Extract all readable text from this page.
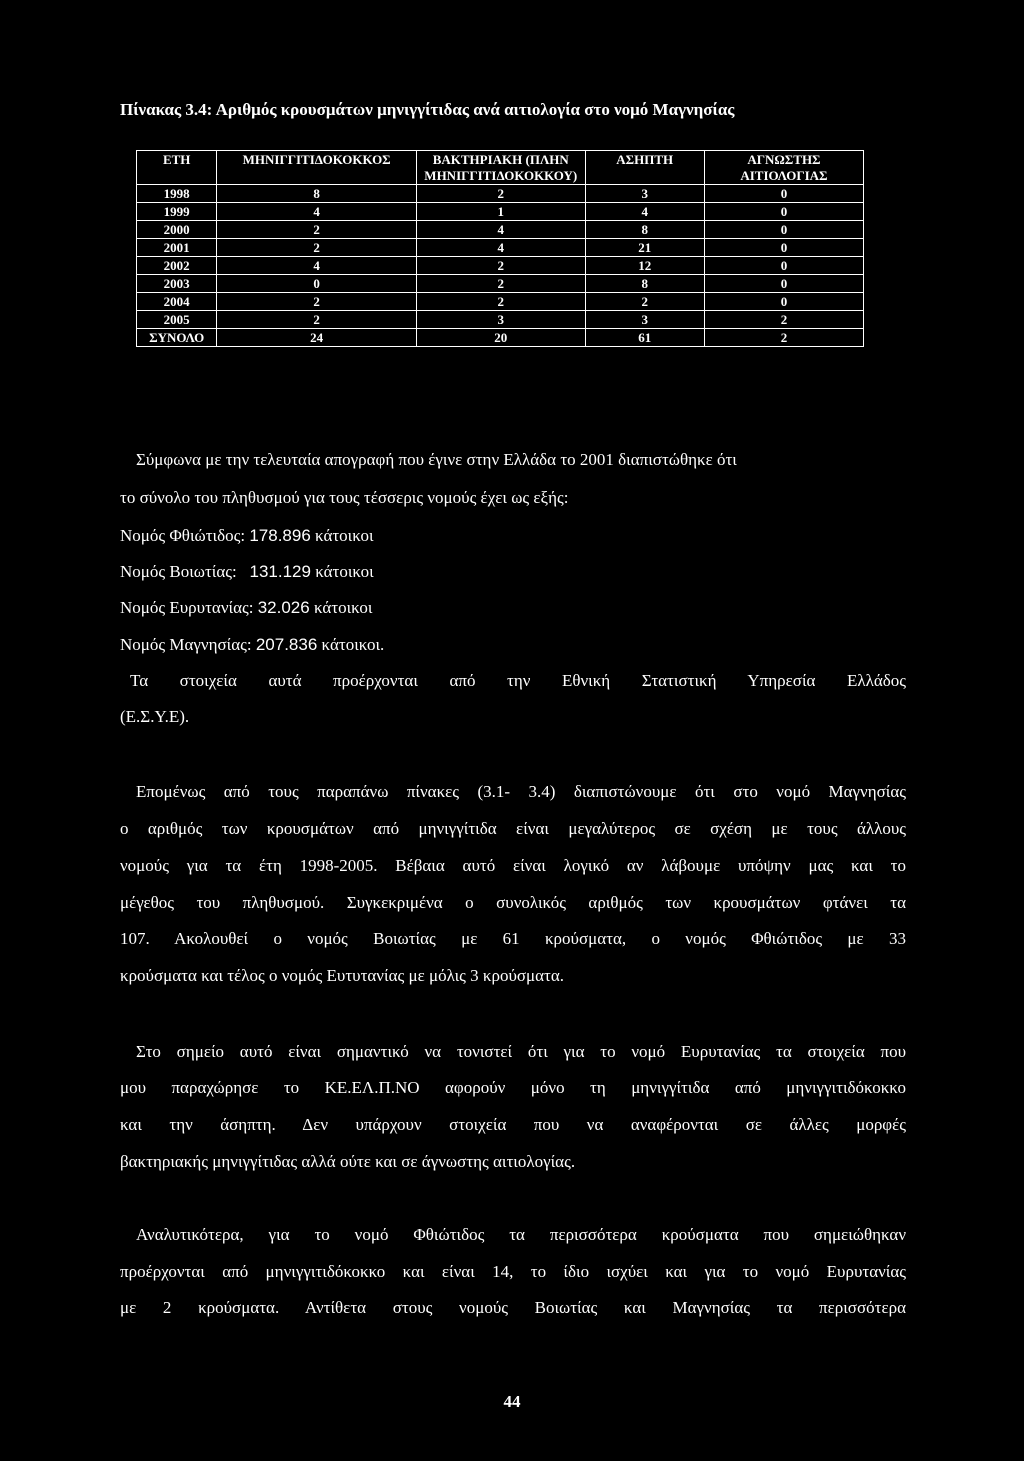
Πίνακας 3.4: Αριθμός κρουσμάτων μηνιγγίτιδας ανά αιτιολογία στο νομό Μαγνησίας
ΕΤΗ	ΜΗΝΙΓΓΙΤΙΔΟΚΟΚΚΟΣ	ΒΑΚΤΗΡΙΑΚΗ (ΠΛΗΝ ΜΗΝΙΓΓΙΤΙΔΟΚΟΚΚΟΥ)	ΑΣΗΠΤΗ	ΑΓΝΩΣΤΗΣ ΑΙΤΙΟΛΟΓΙΑΣ
1998	8	2	3	0
1999	4	1	4	0
2000	2	4	8	0
2001	2	4	21	0
2002	4	2	12	0
2003	0	2	8	0
2004	2	2	2	0
2005	2	3	3	2
ΣΥΝΟΛΟ	24	20	61	2
Σύμφωνα με την τελευταία απογραφή που έγινε στην Ελλάδα το 2001 διαπιστώθηκε ότι
το σύνολο του πληθυσμού για τους τέσσερις νομούς έχει ως εξής:
Νομός Φθιώτιδος: 178.896 κάτοικοι
Νομός Βοιωτίας:   131.129 κάτοικοι
Νομός Ευρυτανίας: 32.026 κάτοικοι
Νομός Μαγνησίας: 207.836 κάτοικοι.
Τα στοιχεία αυτά προέρχονται από την Εθνική Στατιστική Υπηρεσία Ελλάδος
(Ε.Σ.Υ.Ε).
Επομένως από τους παραπάνω πίνακες (3.1- 3.4) διαπιστώνουμε ότι στο νομό Μαγνησίας
ο αριθμός των κρουσμάτων από μηνιγγίτιδα είναι μεγαλύτερος σε σχέση με τους άλλους
νομούς για τα έτη 1998-2005. Βέβαια αυτό είναι λογικό αν λάβουμε υπόψην μας και το
μέγεθος του πληθυσμού. Συγκεκριμένα ο συνολικός αριθμός των κρουσμάτων φτάνει τα
107. Ακολουθεί ο νομός Βοιωτίας με 61 κρούσματα, ο νομός Φθιώτιδος με 33
κρούσματα και τέλος ο νομός Ευτυτανίας με μόλις 3 κρούσματα.
Στο σημείο αυτό είναι σημαντικό να τονιστεί ότι για το νομό Ευρυτανίας τα στοιχεία που
μου παραχώρησε το ΚΕ.ΕΛ.Π.ΝΟ αφορούν μόνο τη μηνιγγίτιδα από μηνιγγιτιδόκοκκο
και την άσηπτη. Δεν υπάρχουν στοιχεία που να αναφέρονται σε άλλες μορφές
βακτηριακής μηνιγγίτιδας αλλά ούτε και σε άγνωστης αιτιολογίας.
Αναλυτικότερα, για το νομό Φθιώτιδος τα περισσότερα κρούσματα που σημειώθηκαν
προέρχονται από μηνιγγιτιδόκοκκο και είναι 14, το ίδιο ισχύει και για το νομό Ευρυτανίας
με 2 κρούσματα. Αντίθετα στους νομούς Βοιωτίας και Μαγνησίας τα περισσότερα
44
